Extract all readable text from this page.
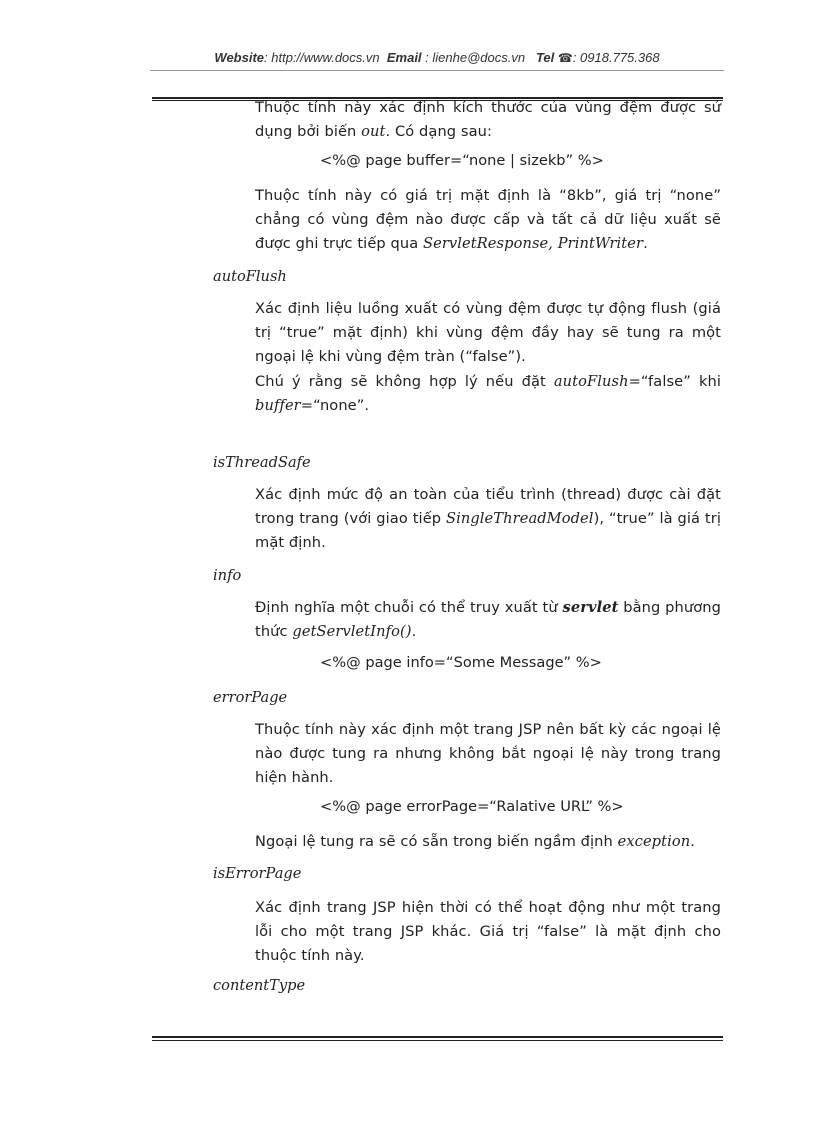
Website: http://www.docs.vn Email : lienhe@docs.vn Tel ☎: 0918.775.368
Thuộc tính này xác định kích thước của vùng đệm được sử dụng bởi biến out. Có dạng sau:
<%@ page buffer=“none | sizekb” %>
Thuộc tính này có giá trị mặt định là “8kb”, giá trị “none” chẳng có vùng đệm nào được cấp và tất cả dữ liệu xuất sẽ được ghi trực tiếp qua ServletResponse, PrintWriter.
autoFlush
Xác định liệu luồng xuất có vùng đệm được tự động flush (giá trị “true” mặt định) khi vùng đệm đầy hay sẽ tung ra một ngoại lệ khi vùng đệm tràn (“false”).
Chú ý rằng sẽ không hợp lý nếu đặt autoFlush=“false” khi buffer=“none”.
isThreadSafe
Xác định mức độ an toàn của tiểu trình (thread) được cài đặt trong trang (với giao tiếp SingleThreadModel), “true” là giá trị mặt định.
info
Định nghĩa một chuỗi có thể truy xuất từ servlet bằng phương thức getServletInfo().
<%@ page info=“Some Message” %>
errorPage
Thuộc tính này xác định một trang JSP nên bất kỳ các ngoại lệ nào được tung ra nhưng không bắt ngoại lệ này trong trang hiện hành.
<%@ page errorPage=“Ralative URL” %>
Ngoại lệ tung ra sẽ có sẵn trong biến ngầm định exception.
isErrorPage
Xác định trang JSP hiện thời có thể hoạt động như một trang lỗi cho một trang JSP khác. Giá trị “false” là mặt định cho thuộc tính này.
contentType
